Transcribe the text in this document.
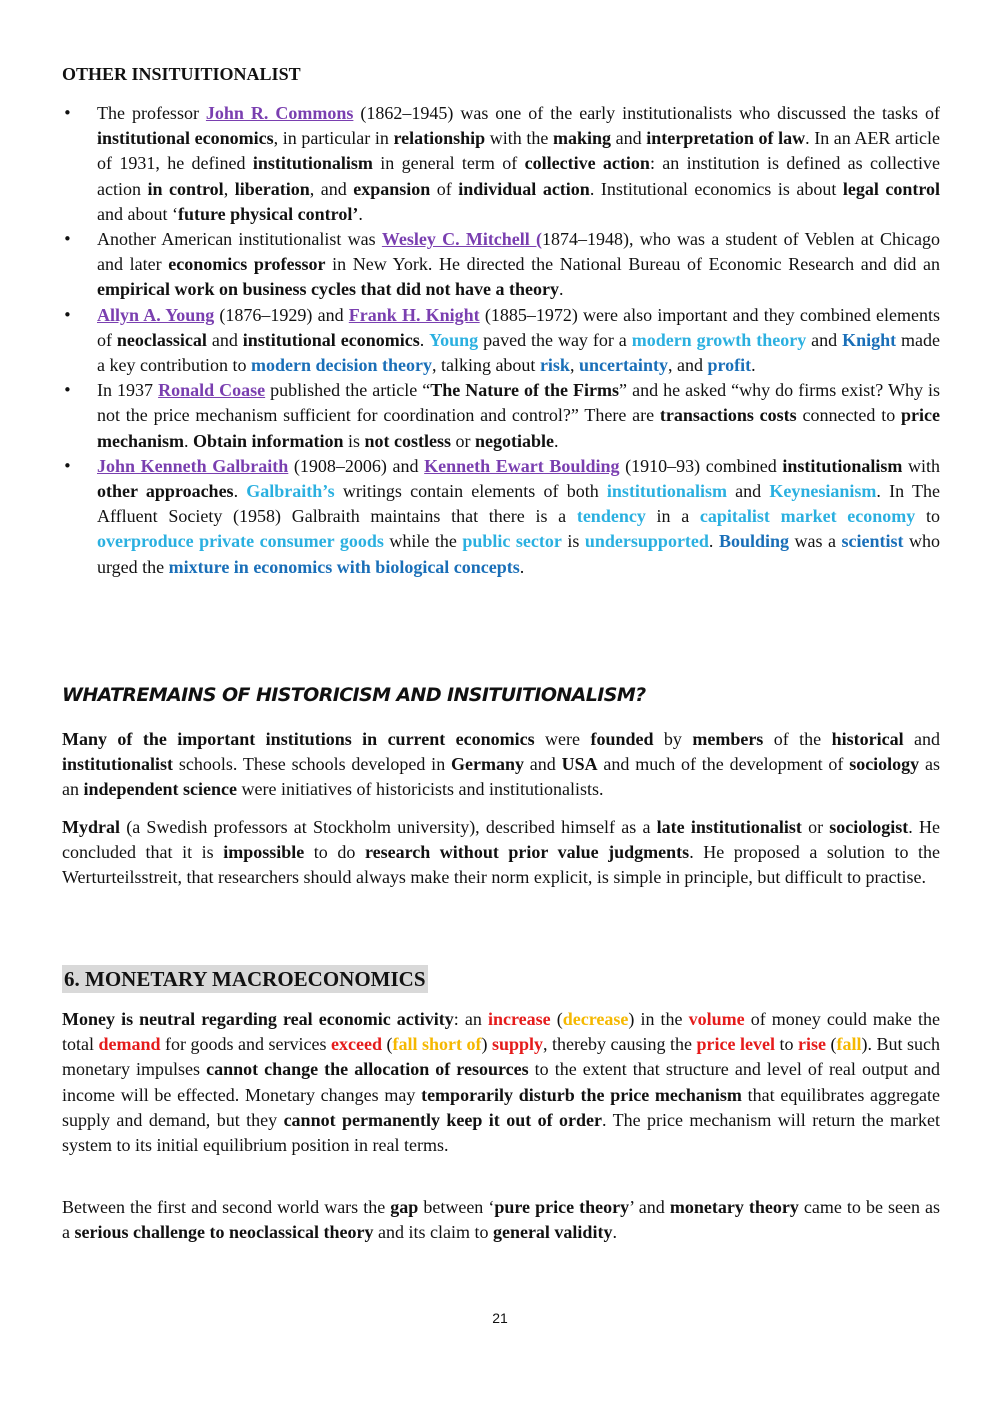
OTHER INSITUITIONALIST
• The professor John R. Commons (1862–1945) was one of the early institutionalists who discussed the tasks of institutional economics, in particular in relationship with the making and interpretation of law. In an AER article of 1931, he defined institutionalism in general term of collective action: an institution is defined as collective action in control, liberation, and expansion of individual action. Institutional economics is about legal control and about ‘future physical control’.
• Another American institutionalist was Wesley C. Mitchell (1874–1948), who was a student of Veblen at Chicago and later economics professor in New York. He directed the National Bureau of Economic Research and did an empirical work on business cycles that did not have a theory.
• Allyn A. Young (1876–1929) and Frank H. Knight (1885–1972) were also important and they combined elements of neoclassical and institutional economics. Young paved the way for a modern growth theory and Knight made a key contribution to modern decision theory, talking about risk, uncertainty, and profit.
• In 1937 Ronald Coase published the article “The Nature of the Firms” and he asked “why do firms exist? Why is not the price mechanism sufficient for coordination and control?” There are transactions costs connected to price mechanism. Obtain information is not costless or negotiable.
• John Kenneth Galbraith (1908–2006) and Kenneth Ewart Boulding (1910–93) combined institutionalism with other approaches. Galbraith’s writings contain elements of both institutionalism and Keynesianism. In The Affluent Society (1958) Galbraith maintains that there is a tendency in a capitalist market economy to overproduce private consumer goods while the public sector is undersupported. Boulding was a scientist who urged the mixture in economics with biological concepts.
WHATREMAINS OF HISTORICISM AND INSITUITIONALISM?

Many of the important institutions in current economics were founded by members of the historical and institutionalist schools. These schools developed in Germany and USA and much of the development of sociology as an independent science were initiatives of historicists and institutionalists.

Mydral (a Swedish professors at Stockholm university), described himself as a late institutionalist or sociologist. He concluded that it is impossible to do research without prior value judgments. He proposed a solution to the Werturteilsstreit, that researchers should always make their norm explicit, is simple in principle, but difficult to practise.

6. MONETARY MACROECONOMICS

Money is neutral regarding real economic activity: an increase (decrease) in the volume of money could make the total demand for goods and services exceed (fall short of) supply, thereby causing the price level to rise (fall). But such monetary impulses cannot change the allocation of resources to the extent that structure and level of real output and income will be effected. Monetary changes may temporarily disturb the price mechanism that equilibrates aggregate supply and demand, but they cannot permanently keep it out of order. The price mechanism will return the market system to its initial equilibrium position in real terms.

Between the first and second world wars the gap between ‘pure price theory’ and monetary theory came to be seen as a serious challenge to neoclassical theory and its claim to general validity.

21
